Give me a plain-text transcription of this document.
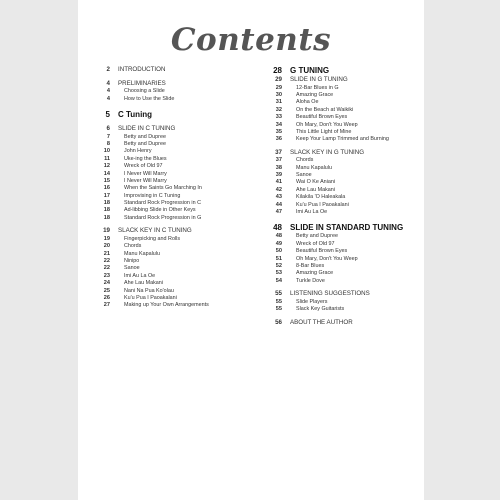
Contents
2 INTRODUCTION
4 PRELIMINARIES
4	Choosing a Slide
4	How to Use the Slide
5 C Tuning
6 SLIDE IN C TUNING
7	Betty and Dupree
8	Betty and Dupree
10	John Henry
11	Uke-ing the Blues
12	Wreck of Old 97
14	I Never Will Marry
15	I Never Will Marry
16	When the Saints Go Marching In
17	Improvising in C Tuning
18	Standard Rock Progression in C
18	Ad-libbing Slide in Other Keys
18	Standard Rock Progression in G
19 SLACK KEY IN C TUNING
19	Fingerpicking and Rolls
20	Chords
21	Manu Kapalulu
22	Ninipo
22	Sanoe
23	Imi Au La Oe
24	Ahe Lau Makani
25	Nani Na Pua Ko'olau
26	Ku'u Pua I Paoakalani
27	Making up Your Own Arrangements
28 G TUNING
29 SLIDE IN G TUNING
29	12-Bar Blues in G
30	Amazing Grace
31	Aloha Oe
32	On the Beach at Waikiki
33	Beautiful Brown Eyes
34	Oh Mary, Don't You Weep
35	This Little Light of Mine
36	Keep Your Lamp Trimmed and Burning
37 SLACK KEY IN G TUNING
37	Chords
38	Manu Kapalulu
39	Sanoe
41	Wai O Ke Aniani
42	Ahe Lau Makani
43	Kilakila 'O Haleakala
44	Ku'u Pua I Paoakalani
47	Imi Au La Oe
48 SLIDE IN STANDARD TUNING
48	Betty and Dupree
49	Wreck of Old 97
50	Beautiful Brown Eyes
51	Oh Mary, Don't You Weep
52	8-Bar Blues
53	Amazing Grace
54	Turkle Dove
55 LISTENING SUGGESTIONS
55	Slide Players
55	Slack Key Guitarists
56 ABOUT THE AUTHOR
